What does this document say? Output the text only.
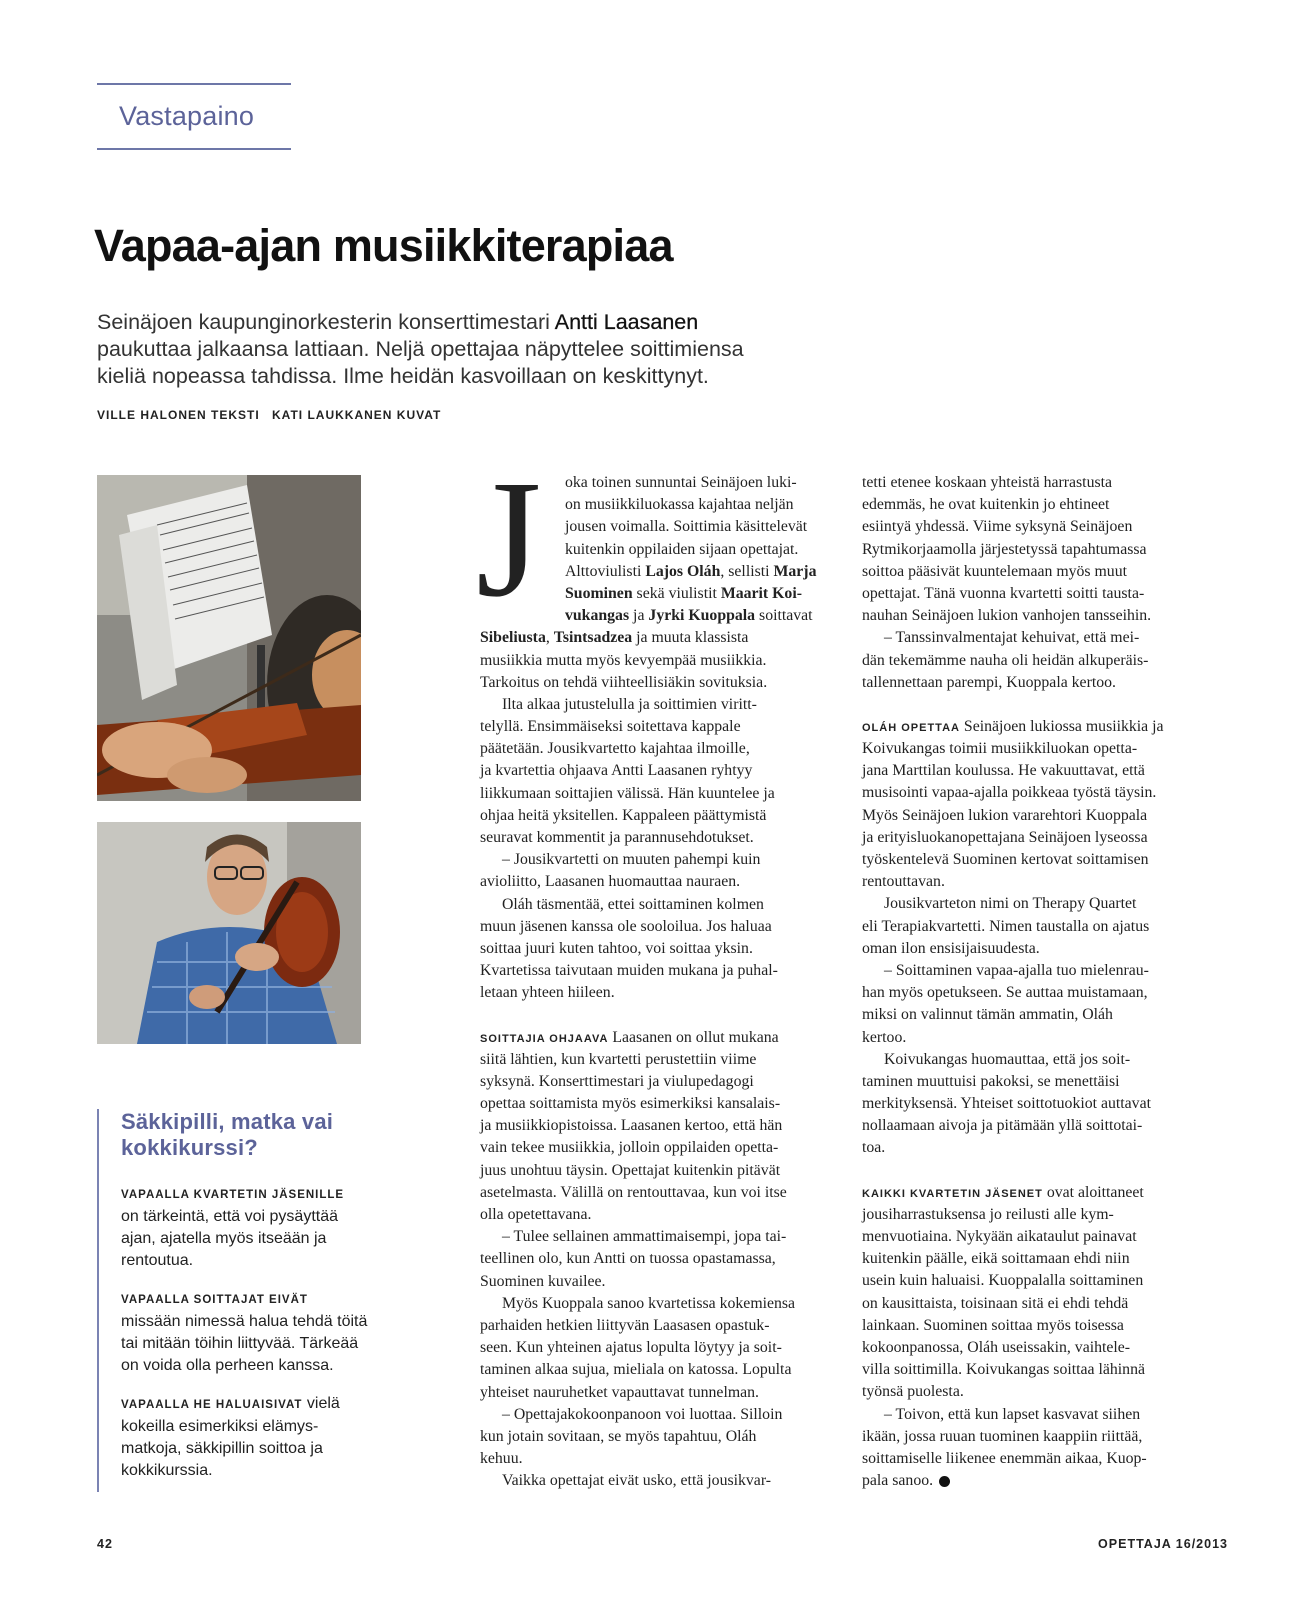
Vastapaino
Vapaa-ajan musiikkiterapiaa
Seinäjoen kaupunginorkesterin konserttimestari Antti Laasanen
paukuttaa jalkaansa lattiaan. Neljä opettajaa näpyttelee soittimiensa
kieliä nopeassa tahdissa. Ilme heidän kasvoillaan on keskittynyt.
VILLE HALONEN TEKSTI KATI LAUKKANEN KUVAT
Säkkipilli, matka vai
kokkikurssi?

VAPAALLA KVARTETIN JÄSENILLE
on tärkeintä, että voi pysäyttää ajan, ajatella myös itseään ja rentoutua.

VAPAALLA SOITTAJAT EIVÄT
missään nimessä halua tehdä töitä tai mitään töihin liittyvää. Tärkeää on voida olla perheen kanssa.

VAPAALLA HE HALUAISIVAT vielä kokeilla esimerkiksi elämys-matkoja, säkkipillin soittoa ja kokkikurssia.

J	oka toinen sunnuntai Seinäjoen luki-
on musiikkiluokassa kajahtaa neljän
jousen voimalla. Soittimia käsittelevät
kuitenkin oppilaiden sijaan opettajat.
Alttoviulisti Lajos Oláh, sellisti Marja
Suominen sekä viulistit Maarit Koi-
vukangas ja Jyrki Kuoppala soittavat
Sibeliusta, Tsintsadzea ja muuta klassista
musiikkia mutta myös kevyempää musiikkia.
Tarkoitus on tehdä viihteellisiäkin sovituksia.
Ilta alkaa jutustelulla ja soittimien viritt-
telyllä. Ensimmäiseksi soitettava kappale
päätetään. Jousikvartetto kajahtaa ilmoille,
ja kvartettia ohjaava Antti Laasanen ryhtyy
liikkumaan soittajien välissä. Hän kuuntelee ja
ohjaa heitä yksitellen. Kappaleen päättymistä
seuravat kommentit ja parannusehdotukset.
– Jousikvartetti on muuten pahempi kuin
avioliitto, Laasanen huomauttaa nauraen.
Oláh täsmentää, ettei soittaminen kolmen
muun jäsenen kanssa ole sooloilua. Jos haluaa
soittaa juuri kuten tahtoo, voi soittaa yksin.
Kvartetissa taivutaan muiden mukana ja puhal-
letaan yhteen hiileen.
SOITTAJIA OHJAAVA Laasanen on ollut mukana
siitä lähtien, kun kvartetti perustettiin viime
syksynä. Konserttimestari ja viulupedagogi
opettaa soittamista myös esimerkiksi kansalais-
ja musiikkiopistoissa. Laasanen kertoo, että hän
vain tekee musiikkia, jolloin oppilaiden opetta-
juus unohtuu täysin. Opettajat kuitenkin pitävät
asetelmasta. Välillä on rentouttavaa, kun voi itse
olla opetettavana.
– Tulee sellainen ammattimaisempi, jopa tai-
teellinen olo, kun Antti on tuossa opastamassa,
Suominen kuvailee.
Myös Kuoppala sanoo kvartetissa kokemiensa
parhaiden hetkien liittyvän Laasasen opastuk-
seen. Kun yhteinen ajatus lopulta löytyy ja soit-
taminen alkaa sujua, mieliala on katossa. Lopulta
yhteiset nauruhetket vapauttavat tunnelman.
– Opettajakokoonpanoon voi luottaa. Silloin
kun jotain sovitaan, se myös tapahtuu, Oláh
kehuu.
Vaikka opettajat eivät usko, että jousikvar-
tetti etenee koskaan yhteistä harrastusta
edemmäs, he ovat kuitenkin jo ehtineet
esiintyä yhdessä. Viime syksynä Seinäjoen
Rytmikorjaamolla järjestetyssä tapahtumassa
soittoa pääsivät kuuntelemaan myös muut
opettajat. Tänä vuonna kvartetti soitti tausta-
nauhan Seinäjoen lukion vanhojen tansseihin.
– Tanssinvalmentajat kehuivat, että mei-
dän tekemämme nauha oli heidän alkuperäis-
tallennettaan parempi, Kuoppala kertoo.
OLÁH OPETTAA Seinäjoen lukiossa musiikkia ja
Koivukangas toimii musiikkiluokan opetta-
jana Marttilan koulussa. He vakuuttavat, että
musisointi vapaa-ajalla poikkeaa työstä täysin.
Myös Seinäjoen lukion vararehtori Kuoppala
ja erityisluokanopettajana Seinäjoen lyseossa
työskentelevä Suominen kertovat soittamisen
rentouttavan.
Jousikvarteton nimi on Therapy Quartet
eli Terapiakvartetti. Nimen taustalla on ajatus
oman ilon ensisijaisuudesta.
– Soittaminen vapaa-ajalla tuo mielenrau-
han myös opetukseen. Se auttaa muistamaan,
miksi on valinnut tämän ammatin, Oláh
kertoo.
Koivukangas huomauttaa, että jos soit-
taminen muuttuisi pakoksi, se menettäisi
merkityksensä. Yhteiset soittotuokiot auttavat
nollaamaan aivoja ja pitämään yllä soittotai-
toa.
KAIKKI KVARTETIN JÄSENET ovat aloittaneet
jousiharrastuksensa jo reilusti alle kym-
menvuotiaina. Nykyään aikataulut painavat
kuitenkin päälle, eikä soittamaan ehdi niin
usein kuin haluaisi. Kuoppalalla soittaminen
on kausittaista, toisinaan sitä ei ehdi tehdä
lainkaan. Suominen soittaa myös toisessa
kokoonpanossa, Oláh useissakin, vaihtele-
villa soittimilla. Koivukangas soittaa lähinnä
työnsä puolesta.
– Toivon, että kun lapset kasvavat siihen
ikään, jossa ruuan tuominen kaappiin riittää,
soittamiselle liikenee enemmän aikaa, Kuop-
pala sanoo.
42	OPETTAJA 16/2013
